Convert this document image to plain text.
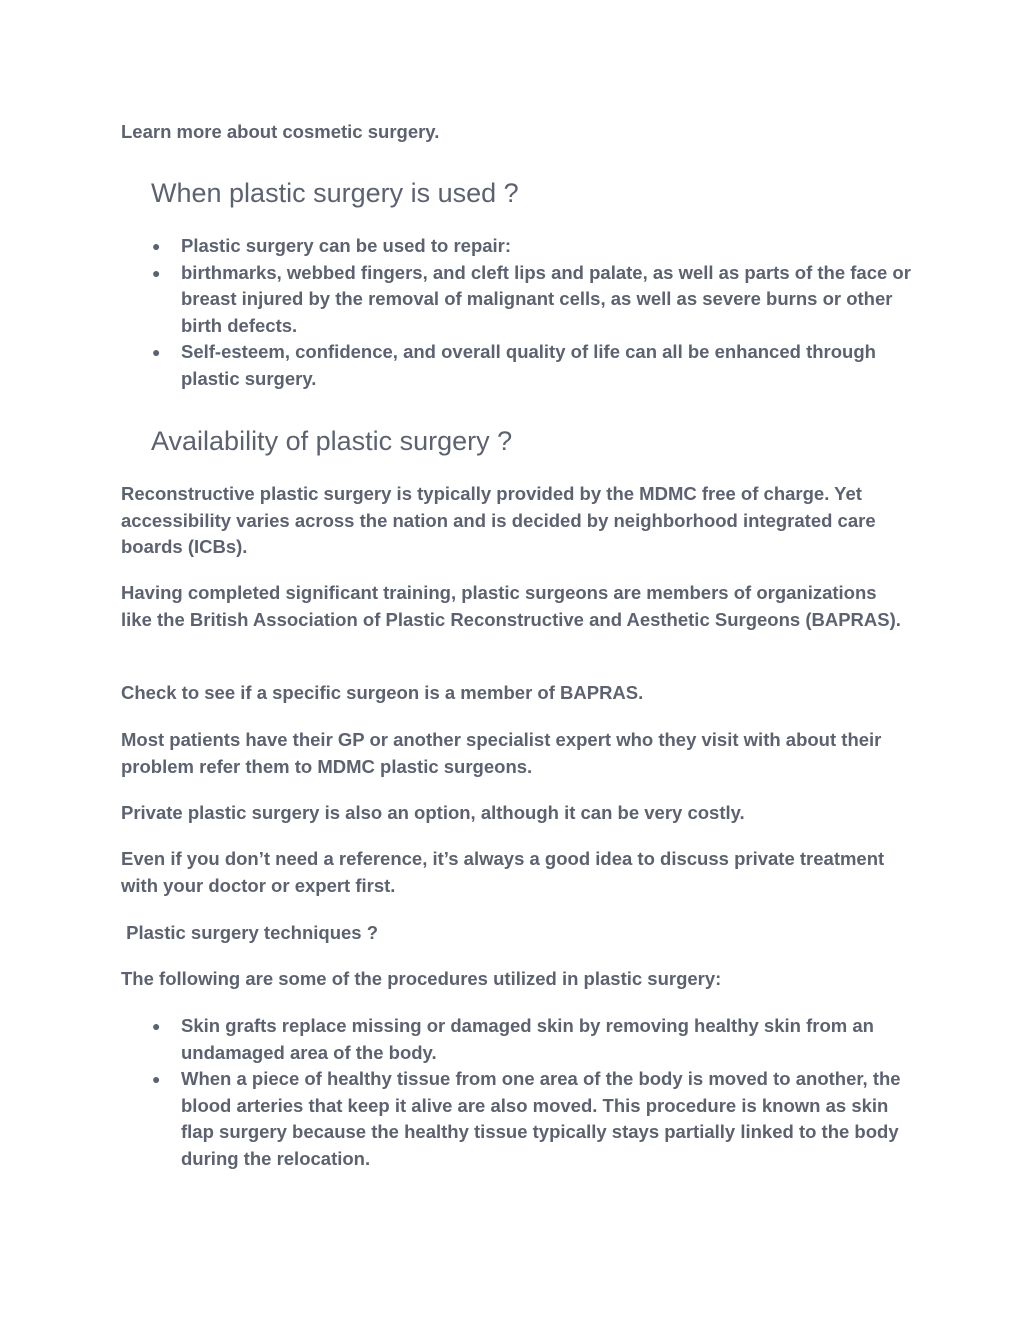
Learn more about cosmetic surgery.

When plastic surgery is used ?
● Plastic surgery can be used to repair:
● birthmarks, webbed fingers, and cleft lips and palate, as well as parts of the face or breast injured by the removal of malignant cells, as well as severe burns or other birth defects.
● Self-esteem, confidence, and overall quality of life can all be enhanced through plastic surgery.
Availability of plastic surgery ?

Reconstructive plastic surgery is typically provided by the MDMC free of charge. Yet accessibility varies across the nation and is decided by neighborhood integrated care boards (ICBs).

Having completed significant training, plastic surgeons are members of organizations like the British Association of Plastic Reconstructive and Aesthetic Surgeons (BAPRAS).

Check to see if a specific surgeon is a member of BAPRAS.

Most patients have their GP or another specialist expert who they visit with about their problem refer them to MDMC plastic surgeons.

Private plastic surgery is also an option, although it can be very costly.

Even if you don’t need a reference, it’s always a good idea to discuss private treatment with your doctor or expert first.

Plastic surgery techniques ?

The following are some of the procedures utilized in plastic surgery:

● Skin grafts replace missing or damaged skin by removing healthy skin from an undamaged area of the body.
● When a piece of healthy tissue from one area of the body is moved to another, the blood arteries that keep it alive are also moved. This procedure is known as skin flap surgery because the healthy tissue typically stays partially linked to the body during the relocation.
